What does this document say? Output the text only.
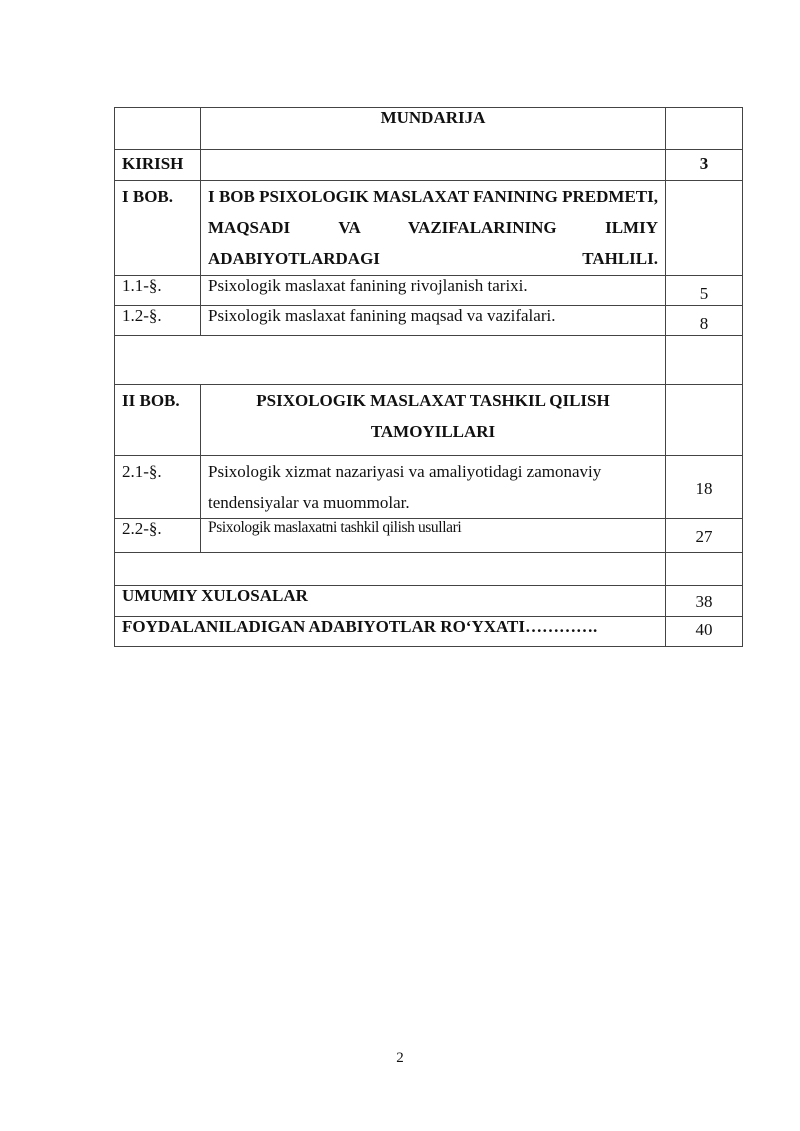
	MUNDARIJA	

KIRISH		3

I BOB.	I BOB PSIXOLOGIK MASLAXAT FANINING PREDMETI, MAQSADI VA VAZIFALARINING ILMIY ADABIYOTLARDAGI TAHLILI.	
1.1-§.	Psixologik maslaxat fanining rivojlanish tarixi.	5

1.2-§.	Psixologik maslaxat fanining maqsad va vazifalari.	8

II BOB.	PSIXOLOGIK MASLAXAT TASHKIL QILISH TAMOYILLARI	
2.1-§.	Psixologik xizmat nazariyasi va amaliyotidagi zamonaviy tendensiyalar va muommolar.	18

2.2-§.	Psixologik maslaxatni tashkil qilish usullari	27

UMUMIY XULOSALAR		38

FOYDALANILADIGAN ADABIYOTLAR RO‘YXATI………….		40
2
